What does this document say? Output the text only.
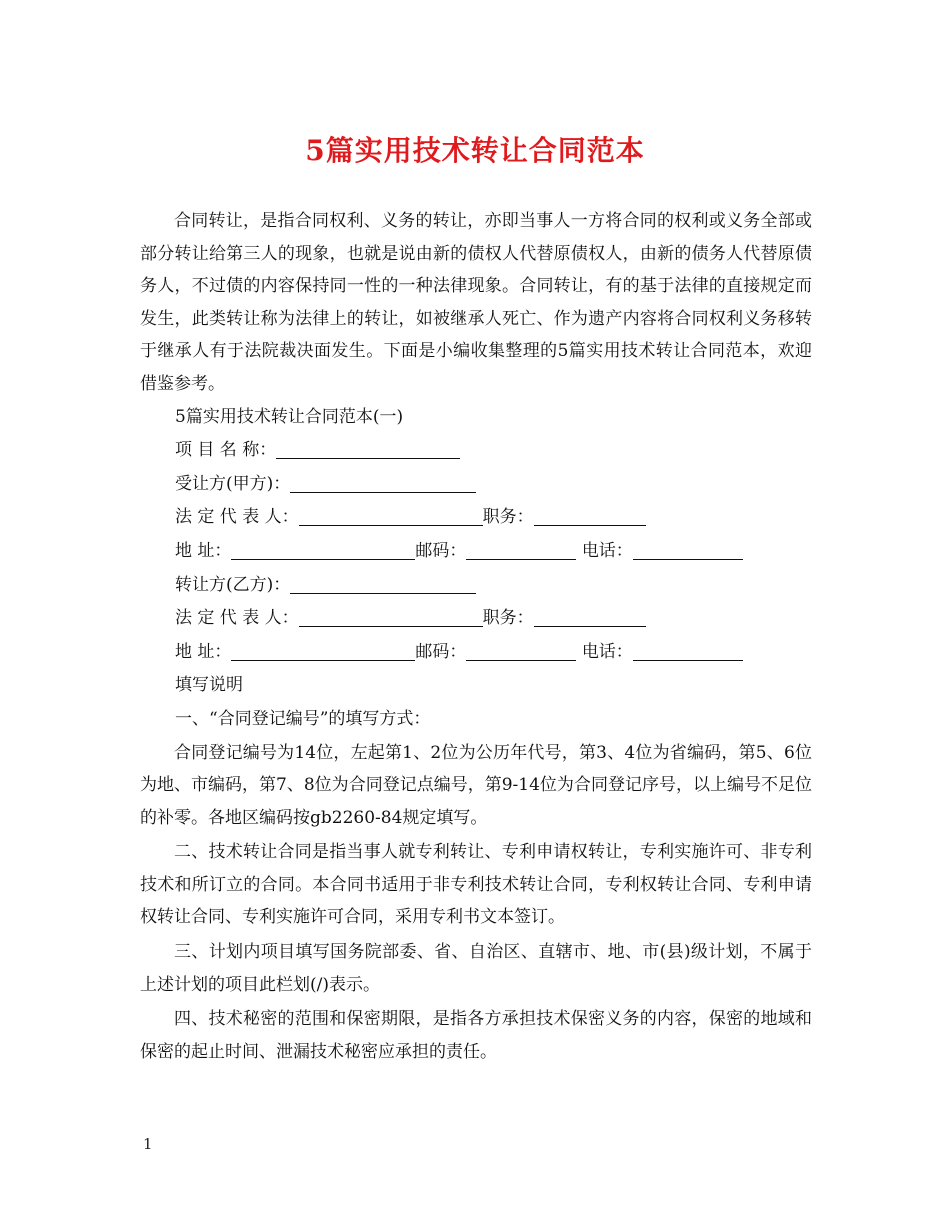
5篇实用技术转让合同范本

合同转让，是指合同权利、义务的转让，亦即当事人一方将合同的权利或义务全部或部分转让给第三人的现象，也就是说由新的债权人代替原债权人，由新的债务人代替原债务人，不过债的内容保持同一性的一种法律现象。合同转让，有的基于法律的直接规定而发生，此类转让称为法律上的转让，如被继承人死亡、作为遗产内容将合同权利义务移转于继承人有于法院裁决面发生。下面是小编收集整理的5篇实用技术转让合同范本，欢迎借鉴参考。

5篇实用技术转让合同范本(一)
项 目 名 称：
受让方(甲方)：
法 定 代 表 人：	职务：
地 址：	邮码：	电话：
转让方(乙方)：
法 定 代 表 人：	职务：
地 址：	邮码：	电话：
填写说明
一、“合同登记编号”的填写方式：

合同登记编号为14位，左起第1、2位为公历年代号，第3、4位为省编码，第5、6位为地、市编码，第7、8位为合同登记点编号，第9-14位为合同登记序号，以上编号不足位的补零。各地区编码按gb2260-84规定填写。

二、技术转让合同是指当事人就专利转让、专利申请权转让，专利实施许可、非专利技术和所订立的合同。本合同书适用于非专利技术转让合同，专利权转让合同、专利申请权转让合同、专利实施许可合同，采用专利书文本签订。

三、计划内项目填写国务院部委、省、自治区、直辖市、地、市(县)级计划，不属于上述计划的项目此栏划(/)表示。

四、技术秘密的范围和保密期限，是指各方承担技术保密义务的内容，保密的地域和保密的起止时间、泄漏技术秘密应承担的责任。

1
